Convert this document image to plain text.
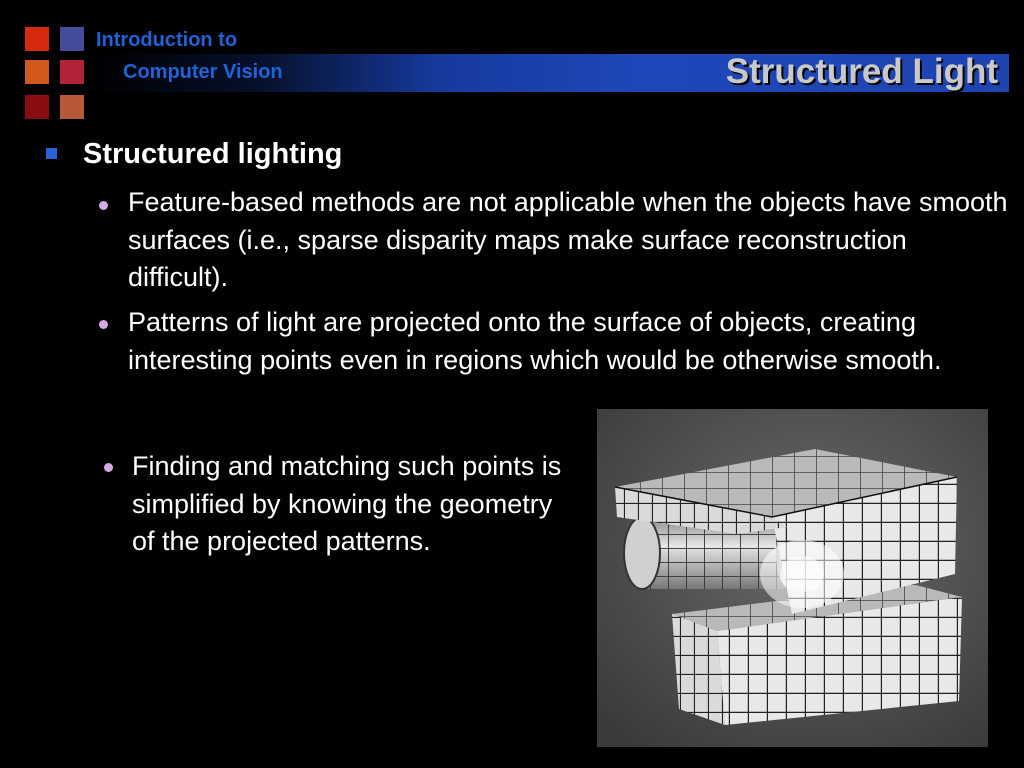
Introduction to
Computer Vision	Structured Light
Structured lighting
Feature-based methods are not applicable when the objects have smooth surfaces (i.e., sparse disparity maps make surface reconstruction difficult).
Patterns of light are projected onto the surface of objects, creating interesting points even in regions which would be otherwise smooth.
Finding and matching such points is simplified by knowing the geometry of the projected patterns.
